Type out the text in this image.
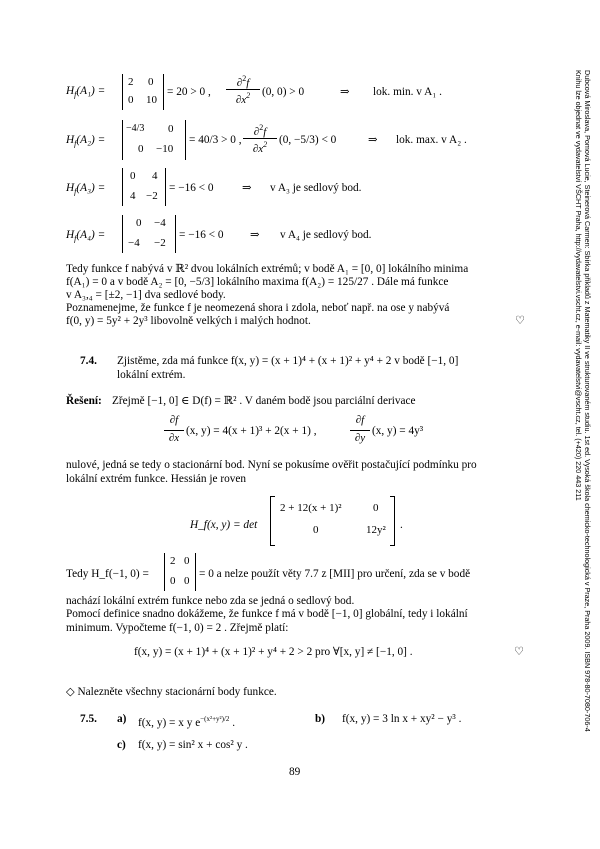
Dubcová Miroslava, Pomová Lucie, Steinerová Carmen: Sbírka příkladů z Matematiky II ve strukturovaném studiu. 1st ed. Vysoká škola chemicko-technologická v Praze, Praha 2009. ISBN 978-80-7080-706-4
Knihu lze objednat ve vydavatelství VŠCHT Praha, http://vydavatelstvi.vscht.cz, e-mail: vydavatelstvi@vscht.cz, tel. (+420) 220 443 211
$H_f(A_1)$ =
2 0
0 10
= 20 > 0 ,
∂$^2$f
$\partial x^2$	(0, 0) > 0	⇒ lok. min. v A₁ .
$H_f(A_2)$ =
−4/3 0
0 −10
= 40/3 > 0 ,
∂$^2$f
$\partial x^2$	(0, −5/3) < 0	⇒ lok. max. v A₂ .
$H_f(A_3)$ =
0 4
4 −2
= −16 < 0	⇒ v A₃ je sedlový bod.
$H_f(A_4)$ =
0 −4
−4 −2
= −16 < 0 ⇒ v A₄ je sedlový bod.
Tedy funkce f nabývá v ℝ² dvou lokálních extrémů; v bodě A₁ = [0, 0] lokálního minima
f(A₁) = 0 a v bodě A₂ = [0, −5/3] lokálního maxima f(A₂) = 125/27 . Dále má funkce
v A₃,₄ = [±2, −1] dva sedlové body.
Poznamenejme, že funkce f je neomezená shora i zdola, neboť např. na ose y nabývá
f(0, y) = 5y² + 2y³ libovolně velkých i malých hodnot.	♡
7.4. Zjistěme, zda má funkce f(x, y) = (x + 1)⁴ + (x + 1)² + y⁴ + 2 v bodě [−1, 0]
lokální extrém.
Řešení: Zřejmě [−1, 0] ∈ D(f) = ℝ² . V daném bodě jsou parciální derivace
∂f
∂x
(x, y) = 4(x + 1)³ + 2(x + 1) ,
∂f
∂y
(x, y) = 4y³
nulové, jedná se tedy o stacionární bod. Nyní se pokusíme ověřit postačující podmínku pro
lokální extrém funkce. Hessián je roven
H_f(x, y) = det
2 + 12(x + 1)²	0
0	12y² .
Tedy H_f(−1, 0) =
2 0
0 0
= 0 a nelze použít věty 7.7 z [MII] pro určení, zda se v bodě
nachází lokální extrém funkce nebo zda se jedná o sedlový bod.
Pomocí definice snadno dokážeme, že funkce f má v bodě [−1, 0] globální, tedy i lokální
minimum. Vypočteme f(−1, 0) = 2 . Zřejmě platí:
f(x, y) = (x + 1)⁴ + (x + 1)² + y⁴ + 2 > 2 pro ∀[x, y] ≠ [−1, 0] .	♡
◇ Nalezněte všechny stacionární body funkce.
7.5. a) f(x, y) = x y $e^{-(x^2+y^2)/2}$ .	b) f(x, y) = 3 ln x + xy² − y³ .
c) f(x, y) = sin² x + cos² y .
89
